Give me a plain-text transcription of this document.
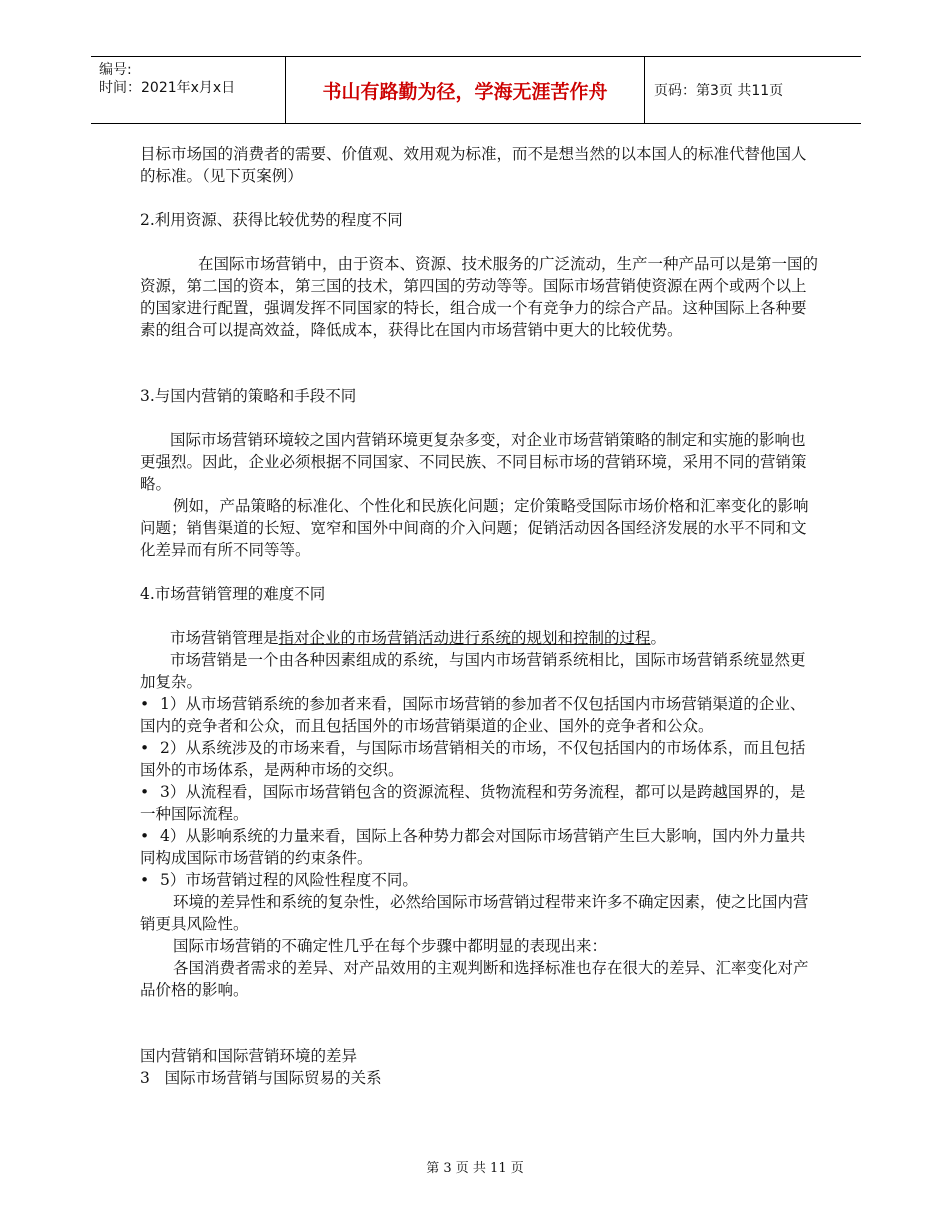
编号:
时间：2021年x月x日	书山有路勤为径，学海无涯苦作舟	页码：第3页 共11页

目标市场国的消费者的需要、价值观、效用观为标准，而不是想当然的以本国人的标准代替他国人的标准。（见下页案例）

2.利用资源、获得比较优势的程度不同

在国际市场营销中，由于资本、资源、技术服务的广泛流动，生产一种产品可以是第一国的资源，第二国的资本，第三国的技术，第四国的劳动等等。国际市场营销使资源在两个或两个以上的国家进行配置，强调发挥不同国家的特长，组合成一个有竞争力的综合产品。这种国际上各种要素的组合可以提高效益，降低成本，获得比在国内市场营销中更大的比较优势。

3.与国内营销的策略和手段不同

国际市场营销环境较之国内营销环境更复杂多变，对企业市场营销策略的制定和实施的影响也更强烈。因此，企业必须根据不同国家、不同民族、不同目标市场的营销环境，采用不同的营销策略。

例如，产品策略的标准化、个性化和民族化问题；定价策略受国际市场价格和汇率变化的影响问题；销售渠道的长短、宽窄和国外中间商的介入问题；促销活动因各国经济发展的水平不同和文化差异而有所不同等等。

4.市场营销管理的难度不同

市场营销管理是指对企业的市场营销活动进行系统的规划和控制的过程。

市场营销是一个由各种因素组成的系统，与国内市场营销系统相比，国际市场营销系统显然更加复杂。

• 1）从市场营销系统的参加者来看，国际市场营销的参加者不仅包括国内市场营销渠道的企业、国内的竞争者和公众，而且包括国外的市场营销渠道的企业、国外的竞争者和公众。
• 2）从系统涉及的市场来看，与国际市场营销相关的市场，不仅包括国内的市场体系，而且包括国外的市场体系，是两种市场的交织。
• 3）从流程看，国际市场营销包含的资源流程、货物流程和劳务流程，都可以是跨越国界的，是一种国际流程。
• 4）从影响系统的力量来看，国际上各种势力都会对国际市场营销产生巨大影响，国内外力量共同构成国际市场营销的约束条件。
• 5）市场营销过程的风险性程度不同。

环境的差异性和系统的复杂性，必然给国际市场营销过程带来许多不确定因素，使之比国内营销更具风险性。

国际市场营销的不确定性几乎在每个步骤中都明显的表现出来：

各国消费者需求的差异、对产品效用的主观判断和选择标准也存在很大的差异、汇率变化对产品价格的影响。

国内营销和国际营销环境的差异

3   国际市场营销与国际贸易的关系

第 3 页 共 11 页
